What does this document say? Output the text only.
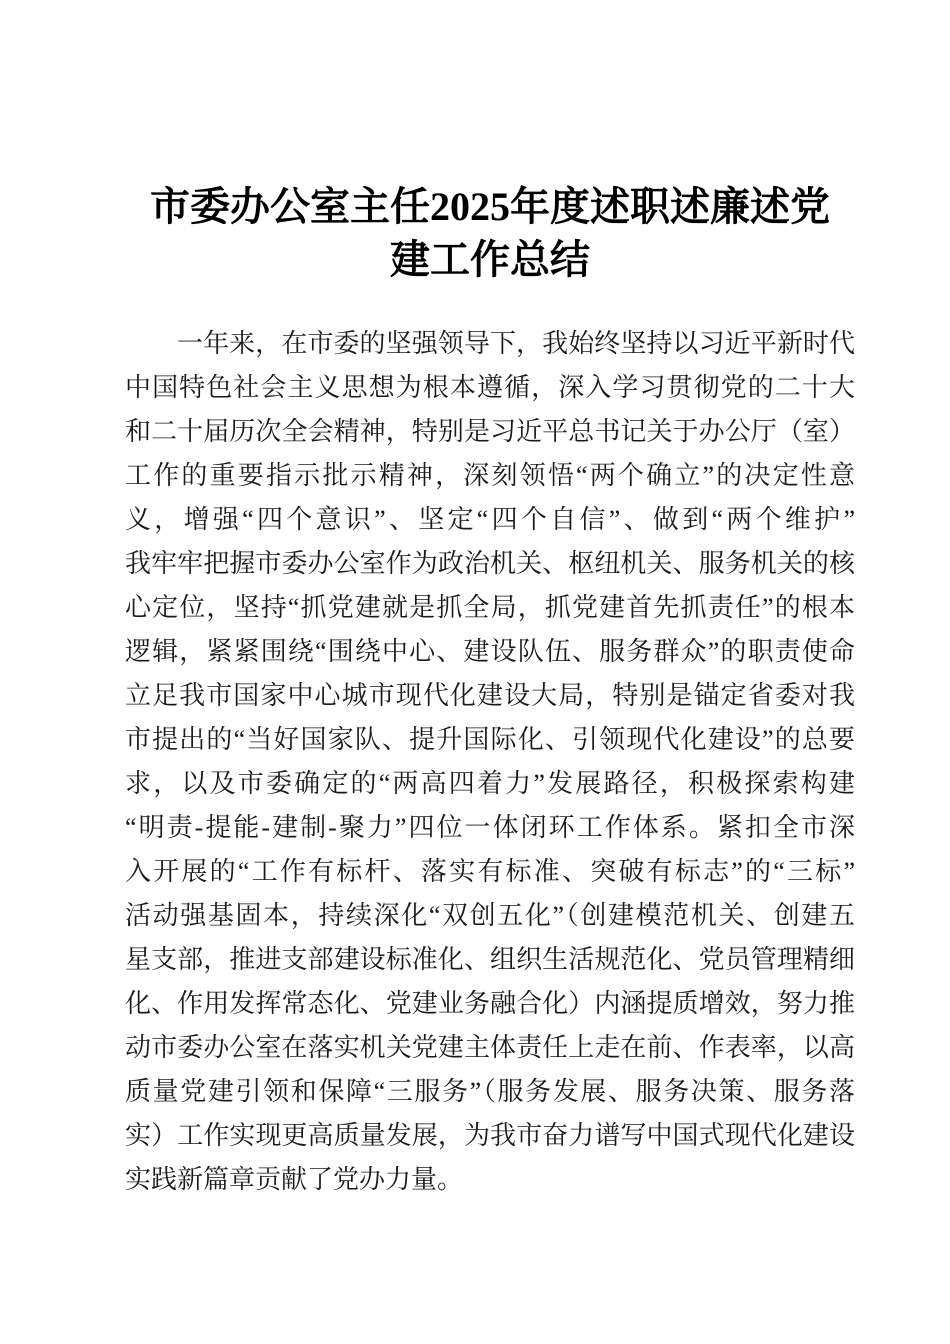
市委办公室主任2025年度述职述廉述党
建工作总结
一年来，在市委的坚强领导下，我始终坚持以习近平新时代
中国特色社会主义思想为根本遵循，深入学习贯彻党的二十大
和二十届历次全会精神，特别是习近平总书记关于办公厅（室）
工作的重要指示批示精神，深刻领悟“两个确立”的决定性意
义，增强“四个意识”、坚定“四个自信”、做到“两个维护”
我牢牢把握市委办公室作为政治机关、枢纽机关、服务机关的核
心定位，坚持“抓党建就是抓全局，抓党建首先抓责任”的根本
逻辑，紧紧围绕“围绕中心、建设队伍、服务群众”的职责使命
立足我市国家中心城市现代化建设大局，特别是锚定省委对我
市提出的“当好国家队、提升国际化、引领现代化建设”的总要
求，以及市委确定的“两高四着力”发展路径，积极探索构建
“明责-提能-建制-聚力”四位一体闭环工作体系。紧扣全市深
入开展的“工作有标杆、落实有标准、突破有标志”的“三标”
活动强基固本，持续深化“双创五化”（创建模范机关、创建五
星支部，推进支部建设标准化、组织生活规范化、党员管理精细
化、作用发挥常态化、党建业务融合化）内涵提质增效，努力推
动市委办公室在落实机关党建主体责任上走在前、作表率，以高
质量党建引领和保障“三服务”（服务发展、服务决策、服务落
实）工作实现更高质量发展，为我市奋力谱写中国式现代化建设
实践新篇章贡献了党办力量。
